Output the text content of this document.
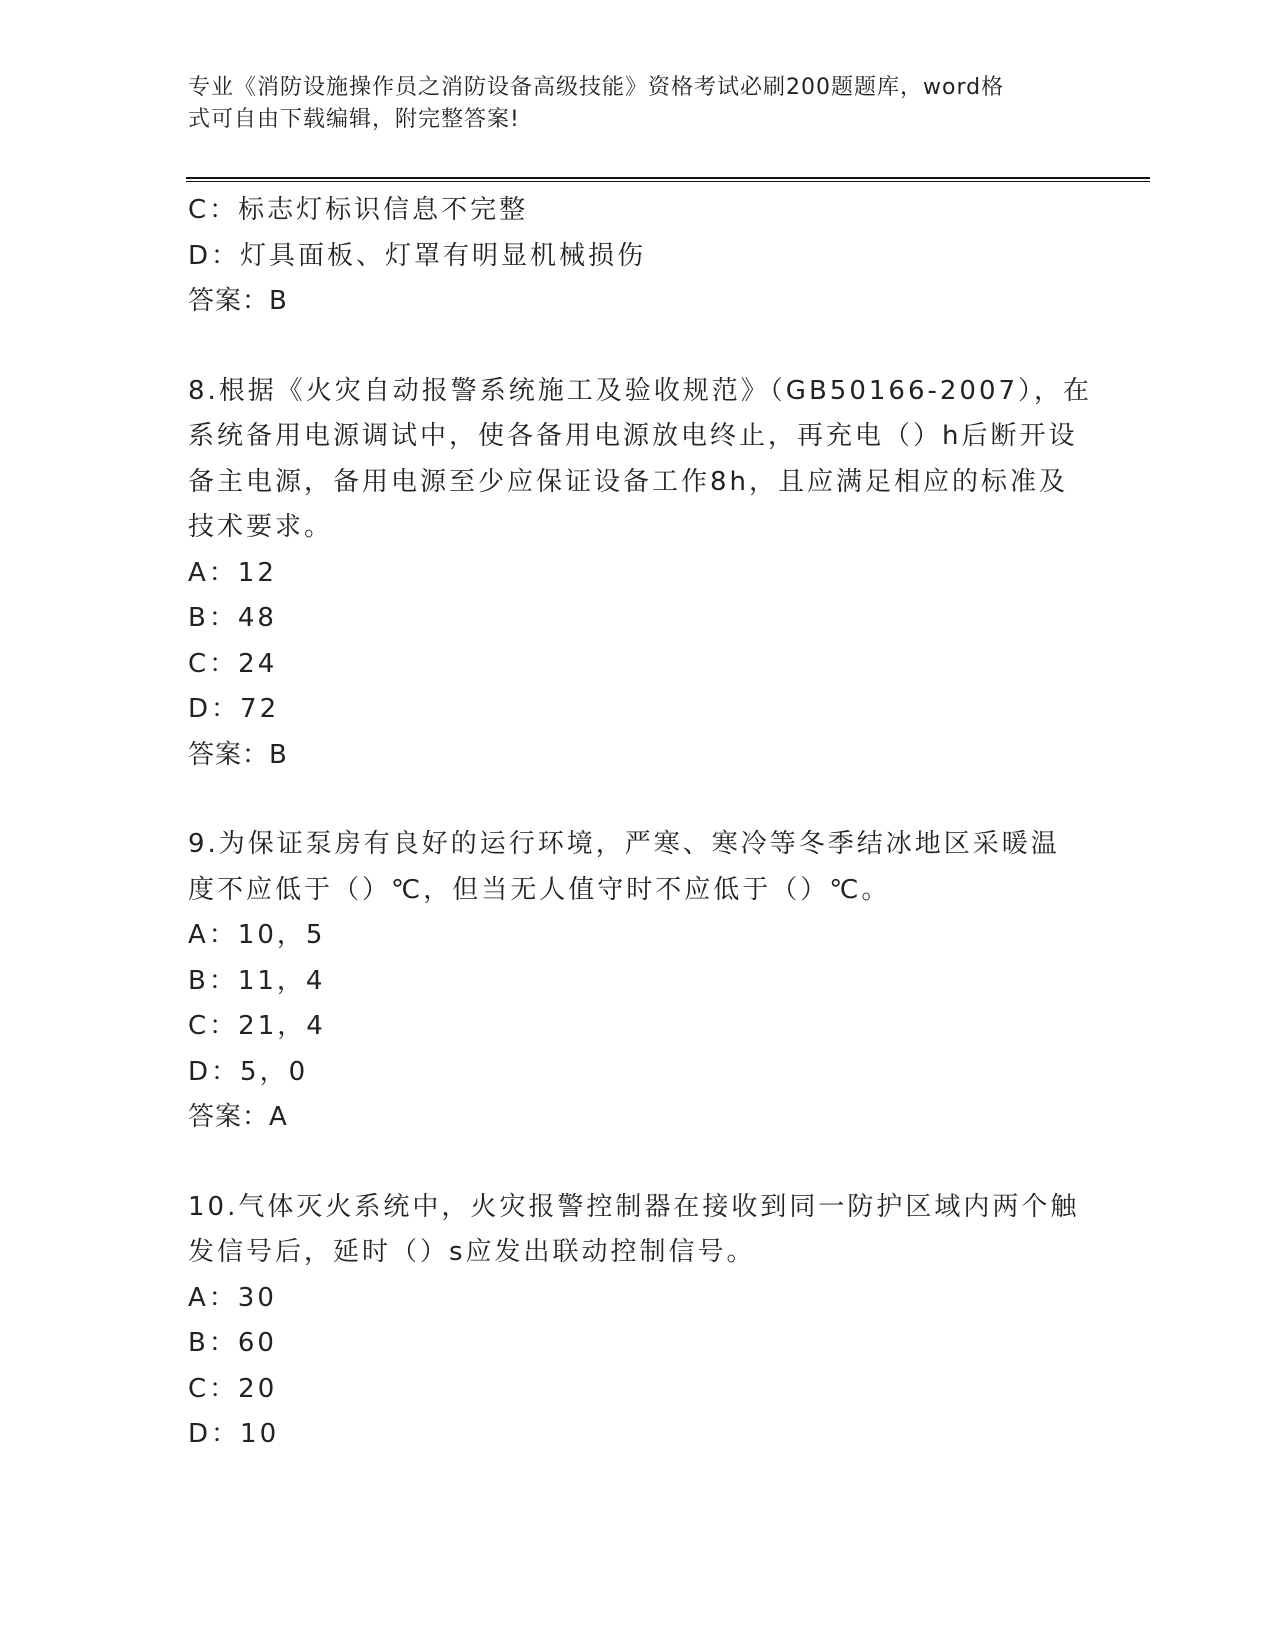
专业《消防设施操作员之消防设备高级技能》资格考试必刷200题题库，word格
式可自由下载编辑，附完整答案!
C：标志灯标识信息不完整
D：灯具面板、灯罩有明显机械损伤
答案：B
8.根据《火灾自动报警系统施工及验收规范》（GB50166-2007），在
系统备用电源调试中，使各备用电源放电终止，再充电（）h后断开设
备主电源，备用电源至少应保证设备工作8h，且应满足相应的标准及
技术要求。
A：12
B：48
C：24
D：72
答案：B
9.为保证泵房有良好的运行环境，严寒、寒冷等冬季结冰地区采暖温
度不应低于（）℃，但当无人值守时不应低于（）℃。
A：10，5
B：11，4
C：21，4
D：5，0
答案：A
10.气体灭火系统中，火灾报警控制器在接收到同一防护区域内两个触
发信号后，延时（）s应发出联动控制信号。
A：30
B：60
C：20
D：10
